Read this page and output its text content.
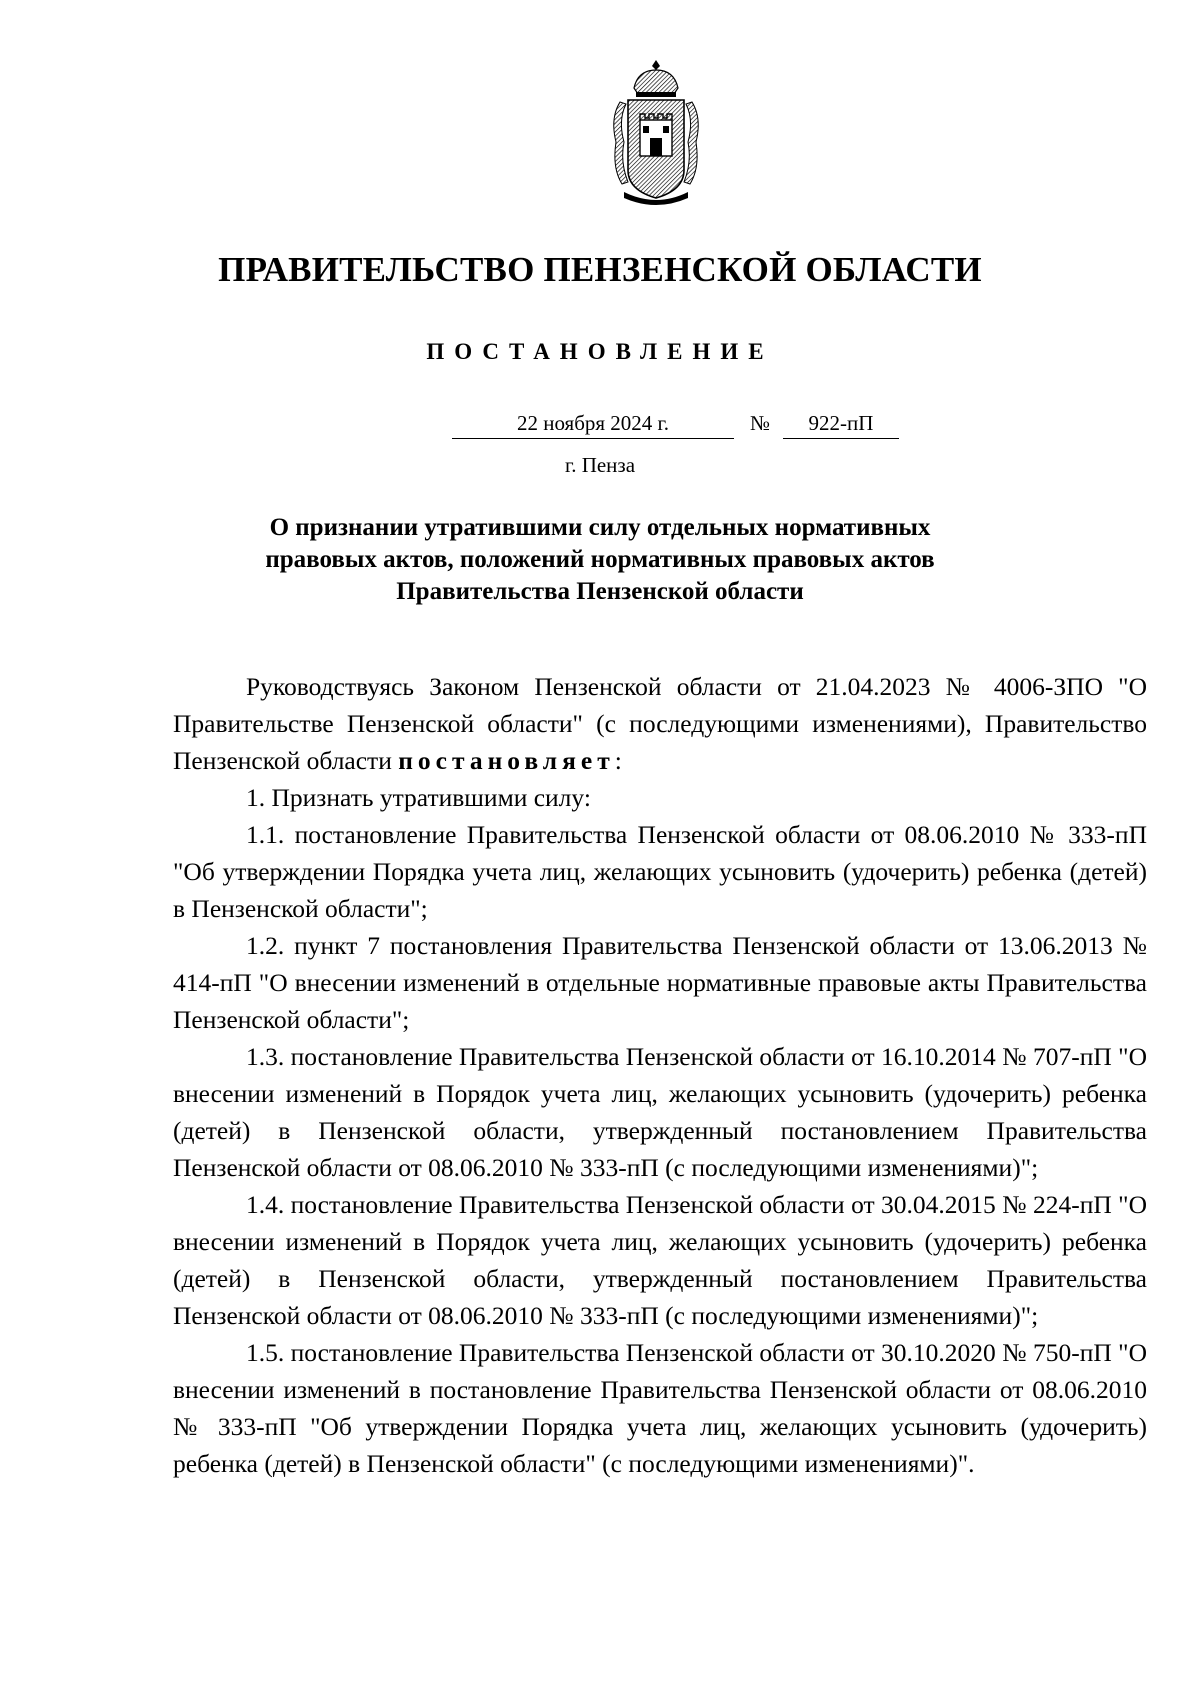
ПРАВИТЕЛЬСТВО ПЕНЗЕНСКОЙ ОБЛАСТИ
ПОСТАНОВЛЕНИЕ
22 ноября 2024 г.	№	922-пП
г. Пенза
О признании утратившими силу отдельных нормативных
правовых актов, положений нормативных правовых актов
Правительства Пензенской области

Руководствуясь Законом Пензенской области от 21.04.2023 № 4006-ЗПО "О Правительстве Пензенской области" (с последующими изменениями), Правительство Пензенской области постановляет:

1. Признать утратившими силу:

1.1. постановление Правительства Пензенской области от 08.06.2010 № 333-пП "Об утверждении Порядка учета лиц, желающих усыновить (удочерить) ребенка (детей) в Пензенской области";

1.2. пункт 7 постановления Правительства Пензенской области от 13.06.2013 № 414-пП "О внесении изменений в отдельные нормативные правовые акты Правительства Пензенской области";

1.3. постановление Правительства Пензенской области от 16.10.2014 № 707-пП "О внесении изменений в Порядок учета лиц, желающих усыновить (удочерить) ребенка (детей) в Пензенской области, утвержденный постановлением Правительства Пензенской области от 08.06.2010 № 333-пП (с последующими изменениями)";

1.4. постановление Правительства Пензенской области от 30.04.2015 № 224-пП "О внесении изменений в Порядок учета лиц, желающих усыновить (удочерить) ребенка (детей) в Пензенской области, утвержденный постановлением Правительства Пензенской области от 08.06.2010 № 333-пП (с последующими изменениями)";

1.5. постановление Правительства Пензенской области от 30.10.2020 № 750-пП "О внесении изменений в постановление Правительства Пензенской области от 08.06.2010 № 333-пП "Об утверждении Порядка учета лиц, желающих усыновить (удочерить) ребенка (детей) в Пензенской области" (с последующими изменениями)".
